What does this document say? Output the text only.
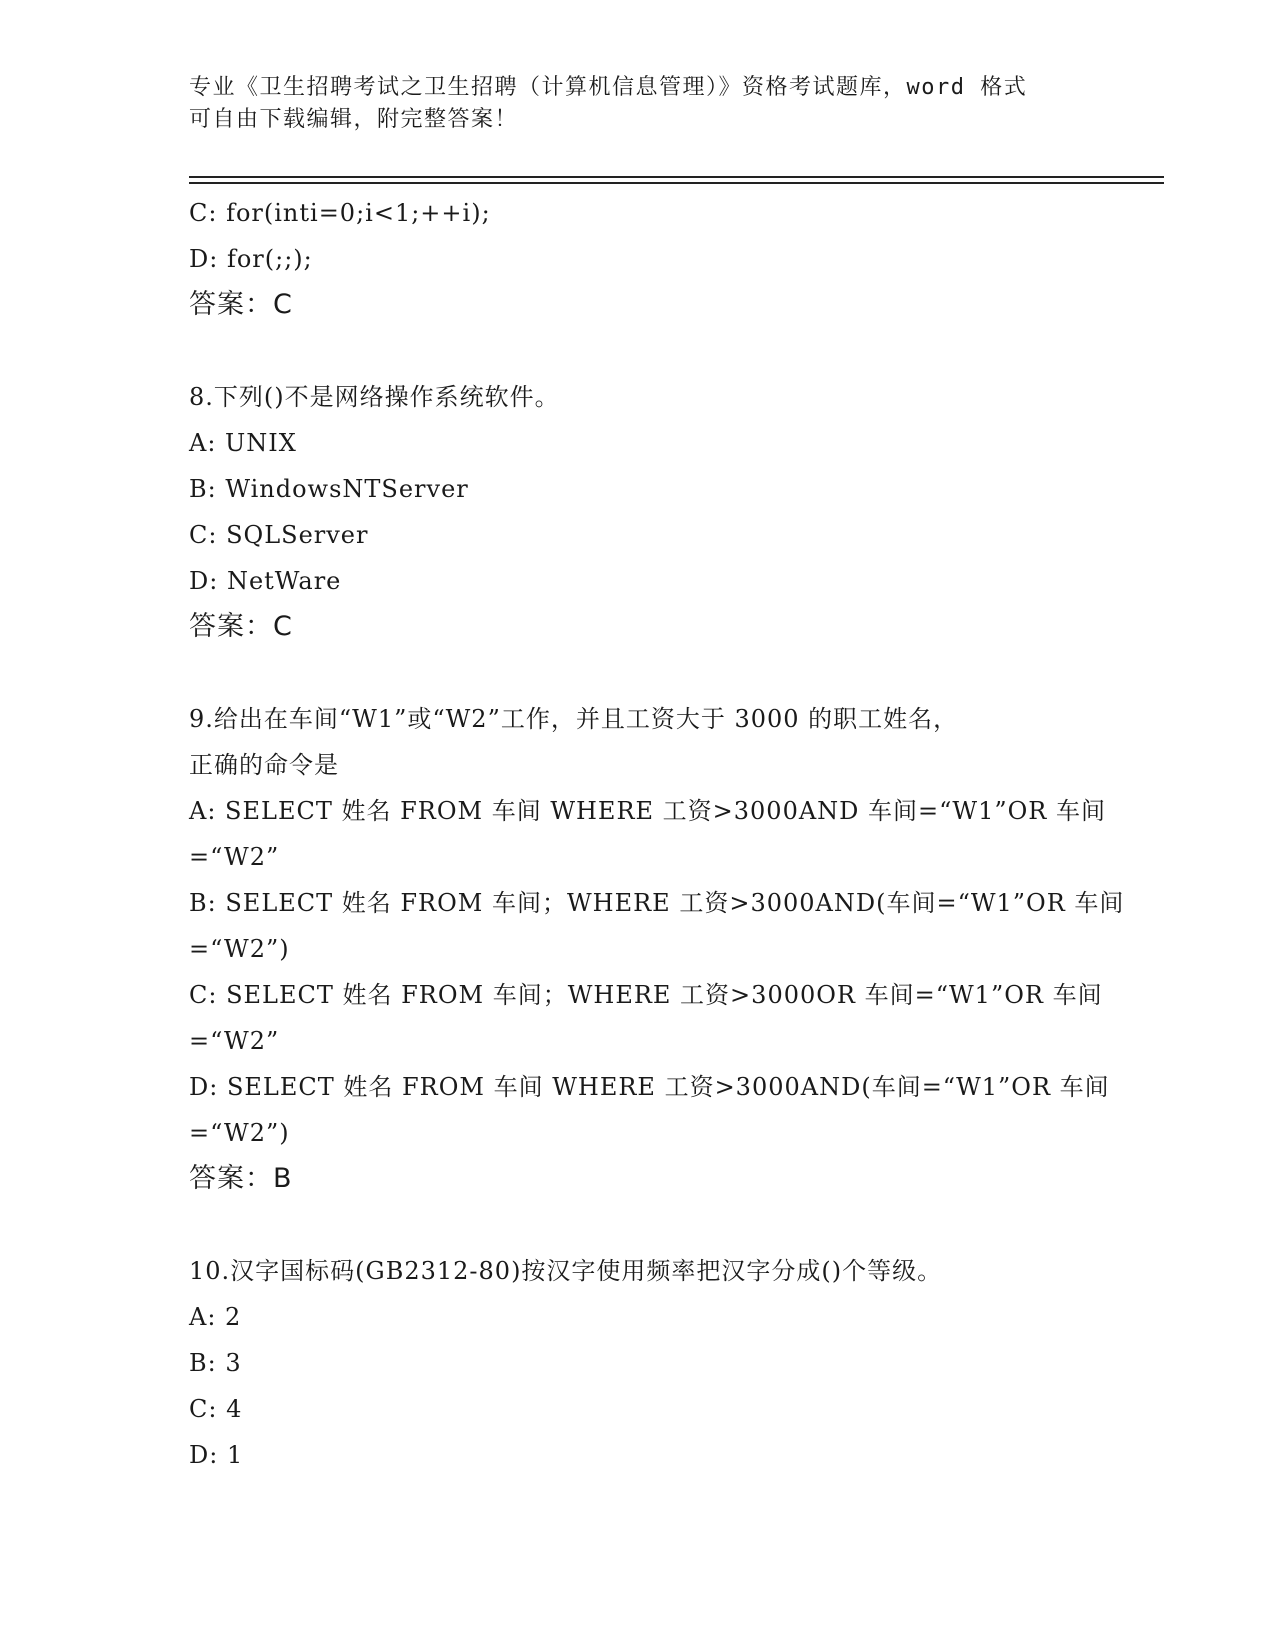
专业《卫生招聘考试之卫生招聘（计算机信息管理）》资格考试题库，word 格式
可自由下载编辑，附完整答案！
C: for(inti=0;i<1;++i);
D: for(;;);
答案：C
8.下列()不是网络操作系统软件。
A: UNIX
B: WindowsNTServer
C: SQLServer
D: NetWare
答案：C
9.给出在车间“W1”或“W2”工作，并且工资大于 3000 的职工姓名，
正确的命令是
A: SELECT 姓名 FROM 车间 WHERE 工资>3000AND 车间=“W1”OR 车间
=“W2”
B: SELECT 姓名 FROM 车间；WHERE 工资>3000AND(车间=“W1”OR 车间
=“W2”)
C: SELECT 姓名 FROM 车间；WHERE 工资>3000OR 车间=“W1”OR 车间
=“W2”
D: SELECT 姓名 FROM 车间 WHERE 工资>3000AND(车间=“W1”OR 车间
=“W2”)
答案：B
10.汉字国标码(GB2312-80)按汉字使用频率把汉字分成()个等级。
A: 2
B: 3
C: 4
D: 1
